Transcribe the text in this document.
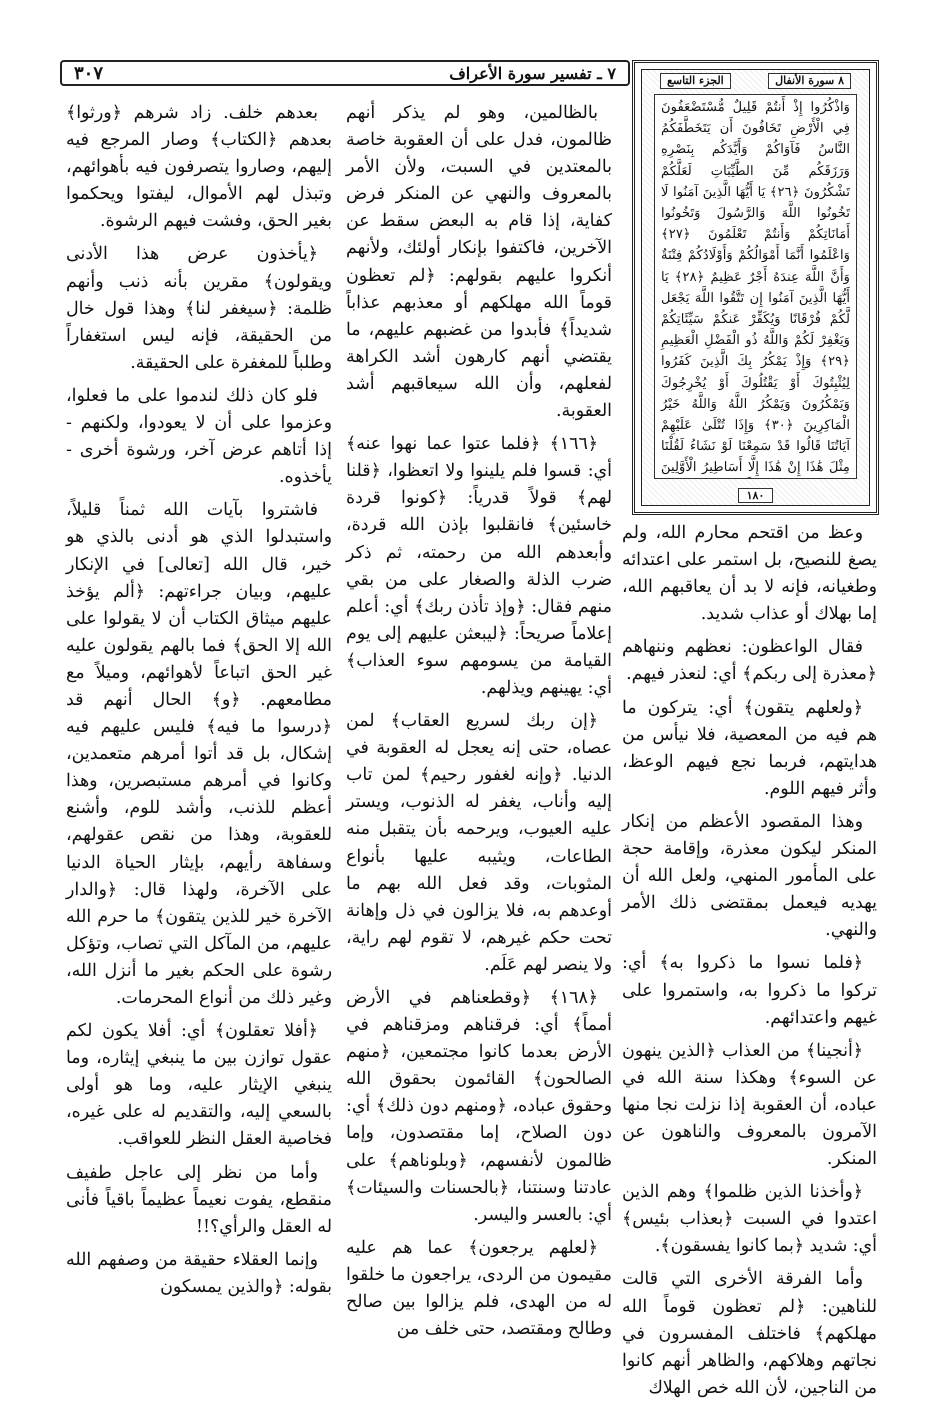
٧ ـ تفسير سورة الأعراف
٣٠٧	٨ سورة الأنفال
الجزء التاسع
وَاذْكُرُوا إِذْ أَنتُمْ قَلِيلٌ مُّسْتَضْعَفُونَ فِي الْأَرْضِ تَخَافُونَ أَن يَتَخَطَّفَكُمُ النَّاسُ فَآوَاكُمْ وَأَيَّدَكُم بِنَصْرِهِ وَرَزَقَكُم مِّنَ الطَّيِّبَاتِ لَعَلَّكُمْ تَشْكُرُونَ ﴿٢٦﴾ يَا أَيُّهَا الَّذِينَ آمَنُوا لَا تَخُونُوا اللَّهَ وَالرَّسُولَ وَتَخُونُوا أَمَانَاتِكُمْ وَأَنتُمْ تَعْلَمُونَ ﴿٢٧﴾ وَاعْلَمُوا أَنَّمَا أَمْوَالُكُمْ وَأَوْلَادُكُمْ فِتْنَةٌ وَأَنَّ اللَّهَ عِندَهُ أَجْرٌ عَظِيمٌ ﴿٢٨﴾ يَا أَيُّهَا الَّذِينَ آمَنُوا إِن تَتَّقُوا اللَّهَ يَجْعَل لَّكُمْ فُرْقَانًا وَيُكَفِّرْ عَنكُمْ سَيِّئَاتِكُمْ وَيَغْفِرْ لَكُمْ وَاللَّهُ ذُو الْفَضْلِ الْعَظِيمِ ﴿٢٩﴾ وَإِذْ يَمْكُرُ بِكَ الَّذِينَ كَفَرُوا لِيُثْبِتُوكَ أَوْ يَقْتُلُوكَ أَوْ يُخْرِجُوكَ وَيَمْكُرُونَ وَيَمْكُرُ اللَّهُ وَاللَّهُ خَيْرُ الْمَاكِرِينَ ﴿٣٠﴾ وَإِذَا تُتْلَىٰ عَلَيْهِمْ آيَاتُنَا قَالُوا قَدْ سَمِعْنَا لَوْ نَشَاءُ لَقُلْنَا مِثْلَ هَٰذَا إِنْ هَٰذَا إِلَّا أَسَاطِيرُ الْأَوَّلِينَ
١٨٠

وعظ من اقتحم محارم الله، ولم يصغ للنصيح، بل استمر على اعتدائه وطغيانه، فإنه لا بد أن يعاقبهم الله، إما بهلاك أو عذاب شديد.

فقال الواعظون: نعظهم وننهاهم ﴿معذرة إلى ربكم﴾ أي: لنعذر فيهم.

﴿ولعلهم يتقون﴾ أي: يتركون ما هم فيه من المعصية، فلا نيأس من هدايتهم، فربما نجع فيهم الوعظ، وأثر فيهم اللوم.

وهذا المقصود الأعظم من إنكار المنكر ليكون معذرة، وإقامة حجة على المأمور المنهي، ولعل الله أن يهديه فيعمل بمقتضى ذلك الأمر والنهي.

﴿فلما نسوا ما ذكروا به﴾ أي: تركوا ما ذكروا به، واستمروا على غيهم واعتدائهم.

﴿أنجينا﴾ من العذاب ﴿الذين ينهون عن السوء﴾ وهكذا سنة الله في عباده، أن العقوبة إذا نزلت نجا منها الآمرون بالمعروف والناهون عن المنكر.

﴿وأخذنا الذين ظلموا﴾ وهم الذين اعتدوا في السبت ﴿بعذاب بئيس﴾ أي: شديد ﴿بما كانوا يفسقون﴾.

وأما الفرقة الأخرى التي قالت للناهين: ﴿لم تعظون قوماً الله مهلكهم﴾ فاختلف المفسرون في نجاتهم وهلاكهم، والظاهر أنهم كانوا من الناجين، لأن الله خص الهلاك

بالظالمين، وهو لم يذكر أنهم ظالمون، فدل على أن العقوبة خاصة بالمعتدين في السبت، ولأن الأمر بالمعروف والنهي عن المنكر فرض كفاية، إذا قام به البعض سقط عن الآخرين، فاكتفوا بإنكار أولئك، ولأنهم أنكروا عليهم بقولهم: ﴿لم تعظون قوماً الله مهلكهم أو معذبهم عذاباً شديداً﴾ فأبدوا من غضبهم عليهم، ما يقتضي أنهم كارهون أشد الكراهة لفعلهم، وأن الله سيعاقبهم أشد العقوبة.

﴿١٦٦﴾ ﴿فلما عتوا عما نهوا عنه﴾ أي: قسوا فلم يلينوا ولا اتعظوا، ﴿قلنا لهم﴾ قولاً قدرياً: ﴿كونوا قردة خاسئين﴾ فانقلبوا بإذن الله قردة، وأبعدهم الله من رحمته، ثم ذكر ضرب الذلة والصغار على من بقي منهم فقال: ﴿وإذ تأذن ربك﴾ أي: أعلم إعلاماً صريحاً: ﴿ليبعثن عليهم إلى يوم القيامة من يسومهم سوء العذاب﴾ أي: يهينهم ويذلهم.

﴿إن ربك لسريع العقاب﴾ لمن عصاه، حتى إنه يعجل له العقوبة في الدنيا. ﴿وإنه لغفور رحيم﴾ لمن تاب إليه وأناب، يغفر له الذنوب، ويستر عليه العيوب، ويرحمه بأن يتقبل منه الطاعات، ويثيبه عليها بأنواع المثوبات، وقد فعل الله بهم ما أوعدهم به، فلا يزالون في ذل وإهانة تحت حكم غيرهم، لا تقوم لهم راية، ولا ينصر لهم عَلَم.

﴿١٦٨﴾ ﴿وقطعناهم في الأرض أمماً﴾ أي: فرقناهم ومزقناهم في الأرض بعدما كانوا مجتمعين، ﴿منهم الصالحون﴾ القائمون بحقوق الله وحقوق عباده، ﴿ومنهم دون ذلك﴾ أي: دون الصلاح، إما مقتصدون، وإما ظالمون لأنفسهم، ﴿وبلوناهم﴾ على عادتنا وسنتنا، ﴿بالحسنات والسيئات﴾ أي: بالعسر واليسر.

﴿لعلهم يرجعون﴾ عما هم عليه مقيمون من الردى، يراجعون ما خلقوا له من الهدى، فلم يزالوا بين صالح وطالح ومقتصد، حتى خلف من

بعدهم خلف. زاد شرهم ﴿ورثوا﴾ بعدهم ﴿الكتاب﴾ وصار المرجع فيه إليهم، وصاروا يتصرفون فيه بأهوائهم، وتبذل لهم الأموال، ليفتوا ويحكموا بغير الحق، وفشت فيهم الرشوة.

﴿يأخذون عرض هذا الأدنى ويقولون﴾ مقرين بأنه ذنب وأنهم ظلمة: ﴿سيغفر لنا﴾ وهذا قول خال من الحقيقة، فإنه ليس استغفاراً وطلباً للمغفرة على الحقيقة.

فلو كان ذلك لندموا على ما فعلوا، وعزموا على أن لا يعودوا، ولكنهم - إذا أتاهم عرض آخر، ورشوة أخرى - يأخذوه.

فاشتروا بآيات الله ثمناً قليلاً، واستبدلوا الذي هو أدنى بالذي هو خير، قال الله [تعالى] في الإنكار عليهم، وبيان جراءتهم: ﴿ألم يؤخذ عليهم ميثاق الكتاب أن لا يقولوا على الله إلا الحق﴾ فما بالهم يقولون عليه غير الحق اتباعاً لأهوائهم، وميلاً مع مطامعهم. ﴿و﴾ الحال أنهم قد ﴿درسوا ما فيه﴾ فليس عليهم فيه إشكال، بل قد أتوا أمرهم متعمدين، وكانوا في أمرهم مستبصرين، وهذا أعظم للذنب، وأشد للوم، وأشنع للعقوبة، وهذا من نقص عقولهم، وسفاهة رأيهم، بإيثار الحياة الدنيا على الآخرة، ولهذا قال: ﴿والدار الآخرة خير للذين يتقون﴾ ما حرم الله عليهم، من المآكل التي تصاب، وتؤكل رشوة على الحكم بغير ما أنزل الله، وغير ذلك من أنواع المحرمات.

﴿أفلا تعقلون﴾ أي: أفلا يكون لكم عقول توازن بين ما ينبغي إيثاره، وما ينبغي الإيثار عليه، وما هو أولى بالسعي إليه، والتقديم له على غيره، فخاصية العقل النظر للعواقب.

وأما من نظر إلى عاجل طفيف منقطع، يفوت نعيماً عظيماً باقياً فأنى له العقل والرأي؟!!

وإنما العقلاء حقيقة من وصفهم الله بقوله: ﴿والذين يمسكون
